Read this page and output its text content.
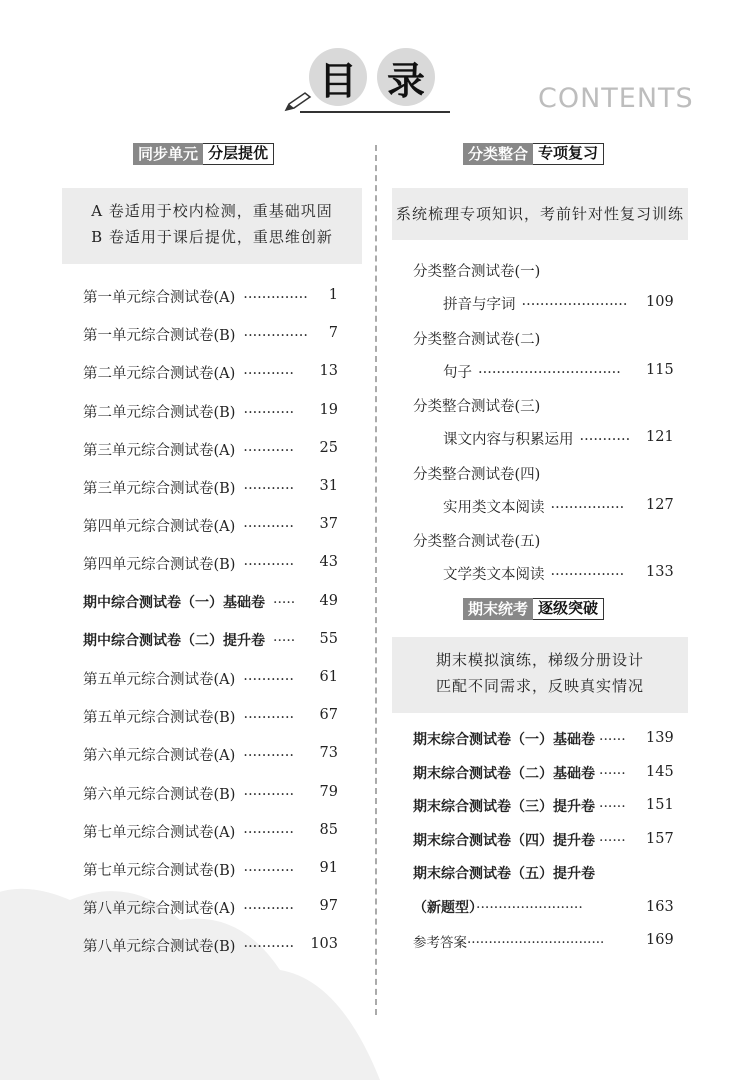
目 录	CONTENTS
同步单元 分层提优
A 卷适用于校内检测，重基础巩固
B 卷适用于课后提优，重思维创新
第一单元综合测试卷(A) ·············· 1
第一单元综合测试卷(B) ·············· 7
第二单元综合测试卷(A) ··········· 13
第二单元综合测试卷(B) ··········· 19
第三单元综合测试卷(A) ··········· 25
第三单元综合测试卷(B) ··········· 31
第四单元综合测试卷(A) ··········· 37
第四单元综合测试卷(B) ··········· 43
期中综合测试卷（一）基础卷 ····· 49
期中综合测试卷（二）提升卷 ····· 55
第五单元综合测试卷(A) ··········· 61
第五单元综合测试卷(B) ··········· 67
第六单元综合测试卷(A) ··········· 73
第六单元综合测试卷(B) ··········· 79
第七单元综合测试卷(A) ··········· 85
第七单元综合测试卷(B) ··········· 91
第八单元综合测试卷(A) ··········· 97
第八单元综合测试卷(B) ··········· 103
分类整合 专项复习
系统梳理专项知识，考前针对性复习训练
分类整合测试卷(一)
拼音与字词 ······················· 109
分类整合测试卷(二)
句子 ······························· 115
分类整合测试卷(三)
课文内容与积累运用 ··········· 121
分类整合测试卷(四)
实用类文本阅读 ················ 127
分类整合测试卷(五)
文学类文本阅读 ················ 133
期末统考 逐级突破
期末模拟演练，梯级分册设计
匹配不同需求，反映真实情况
期末综合测试卷（一）基础卷 ······ 139
期末综合测试卷（二）基础卷 ······ 145
期末综合测试卷（三）提升卷 ······ 151
期末综合测试卷（四）提升卷 ······ 157
期末综合测试卷（五）提升卷
（新题型）························	163
参考答案································	169
